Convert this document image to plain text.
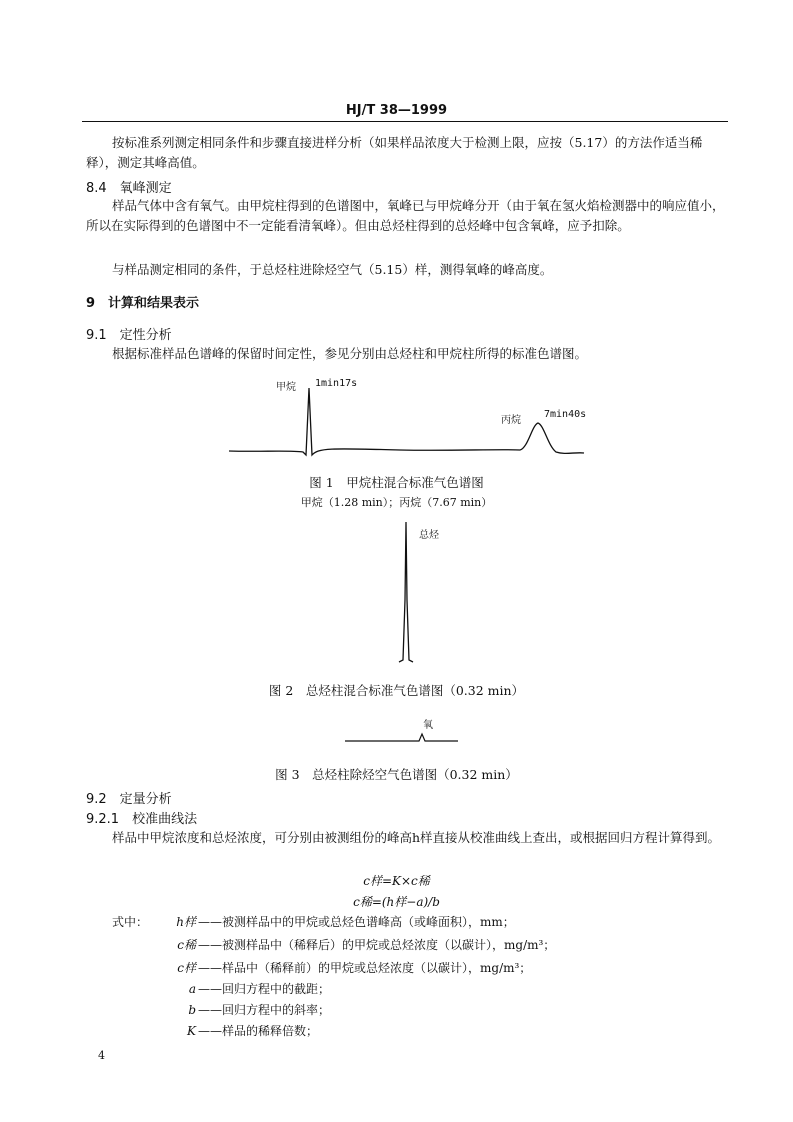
HJ/T 38—1999
按标准系列测定相同条件和步骤直接进样分析（如果样品浓度大于检测上限，应按（5.17）的方法作适当稀释），测定其峰高值。
8.4　氧峰测定
样品气体中含有氧气。由甲烷柱得到的色谱图中，氧峰已与甲烷峰分开（由于氧在氢火焰检测器中的响应值小，所以在实际得到的色谱图中不一定能看清氧峰）。但由总烃柱得到的总烃峰中包含氧峰，应予扣除。
与样品测定相同的条件，于总烃柱进除烃空气（5.15）样，测得氧峰的峰高度。
9　计算和结果表示
9.1　定性分析
根据标准样品色谱峰的保留时间定性，参见分别由总烃柱和甲烷柱所得的标准色谱图。
甲烷 1min17s
丙烷
7min40s
图 1　甲烷柱混合标准气色谱图
甲烷（1.28 min）；丙烷（7.67 min）
总烃
图 2　总烃柱混合标准气色谱图（0.32 min）
氧
图 3　总烃柱除烃空气色谱图（0.32 min）
9.2　定量分析
9.2.1　校准曲线法
样品中甲烷浓度和总烃浓度，可分别由被测组份的峰高h样直接从校准曲线上查出，或根据回归方程计算得到。
c样=K×c稀
c稀=(h样−a)/b
式中：	h样 ——被测样品中的甲烷或总烃色谱峰高（或峰面积），mm；
c稀 ——被测样品中（稀释后）的甲烷或总烃浓度（以碳计），mg/m³；
c样 ——样品中（稀释前）的甲烷或总烃浓度（以碳计），mg/m³；
a ——回归方程中的截距；
b ——回归方程中的斜率；
K ——样品的稀释倍数；
4
